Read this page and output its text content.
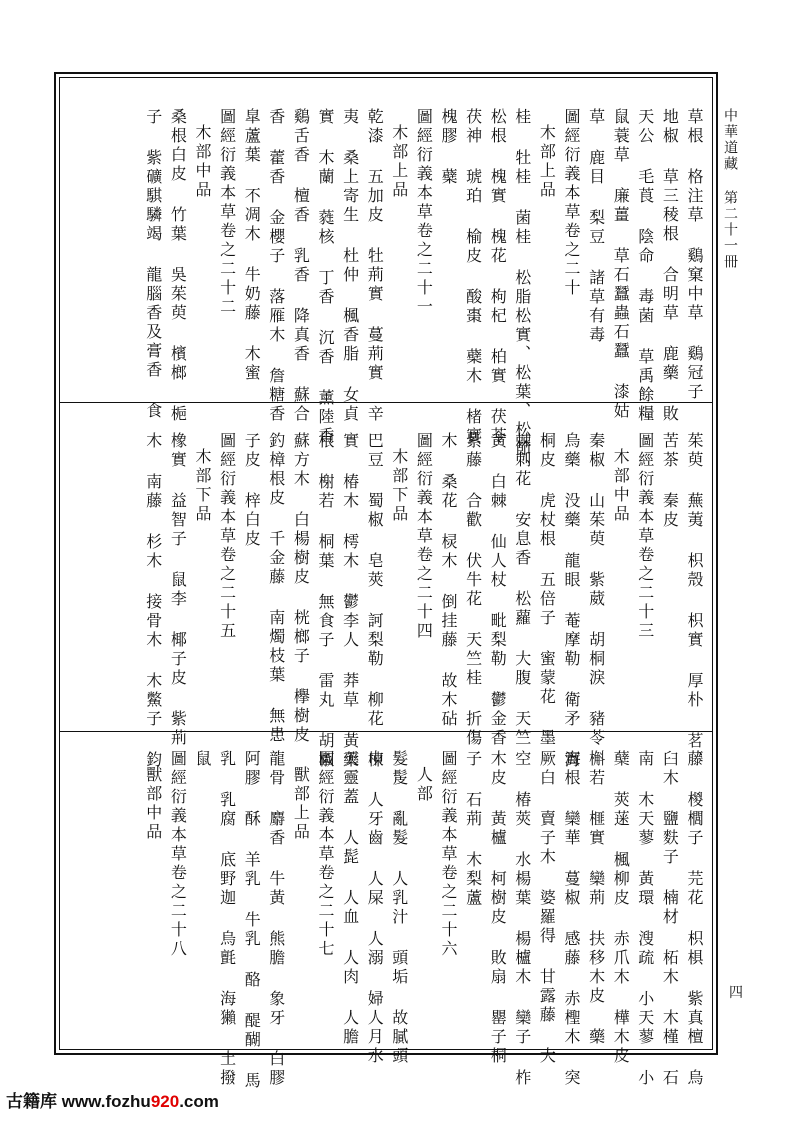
中華道藏 第二十一冊
四
草根 格注草 鷄窠中草 鷄冠子
地椒 草三稜根 合明草 鹿藥 敗
天公 毛莨 陰命 毒菌 草禹餘糧
鼠蓑草 廉薑 草石蠶蟲石蠶 漆姑
草 鹿目 梨豆 諸草有毒
圖經衍義本草卷之二十
木部上品
桂 牡桂 菌桂 松脂松實、松葉、松節、
松根 槐實 槐花 枸杞 柏實 茯苓
茯神 琥珀 榆皮 酸棗 蘗木 楮實
槐膠 蘗
圖經衍義本草卷之二十一
木部上品
乾漆 五加皮 牡荊實 蔓荊實 辛
夷 桑上寄生 杜仲 楓香脂 女貞
實 木蘭 蕤核 丁香 沉香 薰陸香
鷄舌香 檀香 乳香 降真香 蘇合
香 藿香 金櫻子 落雁木 詹糖香
皐蘆葉 不凋木 牛奶藤 木蜜
圖經衍義本草卷之二十二
木部中品
桑根白皮 竹葉 吳茱萸 檳榔 梔
子 紫礦騏驎竭 龍腦香及膏香 食
茱萸 蕪荑 枳殼 枳實 厚朴 茗、
苦茶 秦皮
圖經衍義本草卷之二十三
木部中品
秦椒 山茱萸 紫葳 胡桐淚 豬苓
烏藥 没藥 龍眼 菴摩勒 衛矛 海
桐皮 虎杖根 五倍子 蜜蒙花 墨
棘刺花 安息香 松蘿 大腹 天竺
黃 白棘 仙人杖 毗梨勒 鬱金香
紫藤 合歡 伏牛花 天竺桂 折傷
木 桑花 棂木 倒挂藤 故木砧
圖經衍義本草卷之二十四
木部下品
巴豆 蜀椒 皂莢 訶梨勒 柳花 楝
實 椿木 樗木 鬱李人 莽草 黃藥
根 榭若 桐葉 無食子 雷丸 胡椒
蘇方木 白楊樹皮 桄榔子 欅樹皮
釣樟根皮 千金藤 南燭枝葉 無患
子皮 梓白皮
圖經衍義本草卷之二十五
木部下品
橡實 益智子 鼠李 椰子皮 紫荊
木 南藤 杉木 接骨木 木鱉子 鈞
藤 椶櫚子 芫花 枳椇 紫真檀 烏
臼木 鹽麩子 楠材 柘木 木槿 石
南 木天蓼 黃環 溲疏 小天蓼 小
蘖 莢蒾 楓柳皮 赤爪木 樺木皮
槲若 榧實 欒荊 扶移木皮 藥
實根 欒華 蔓椒 感藤 赤檉木 突
厥白 賣子木 婆羅得 甘露藤 大
空 椿莢 水楊葉 楊櫨木 欒子 柞
木皮 黃櫨 柯樹皮 敗扇 罌子桐
子 石荊 木梨蘆
圖經衍義本草卷之二十六
人部
髮髲 亂髮 人乳汁 頭垢 故膩頭
巾 人牙齒 人屎 人溺 婦人月水
天靈蓋 人髭 人血 人肉 人膽
圖經衍義本草卷之二十七
獸部上品
龍骨 麝香 牛黃 熊膽 象牙 白膠
阿膠 酥 羊乳 牛乳 酪 醍醐 馬
乳 乳腐 底野迦 烏氈 海獺 土撥
鼠
圖經衍義本草卷之二十八
獸部中品
古籍库 www.fozhu920.com
